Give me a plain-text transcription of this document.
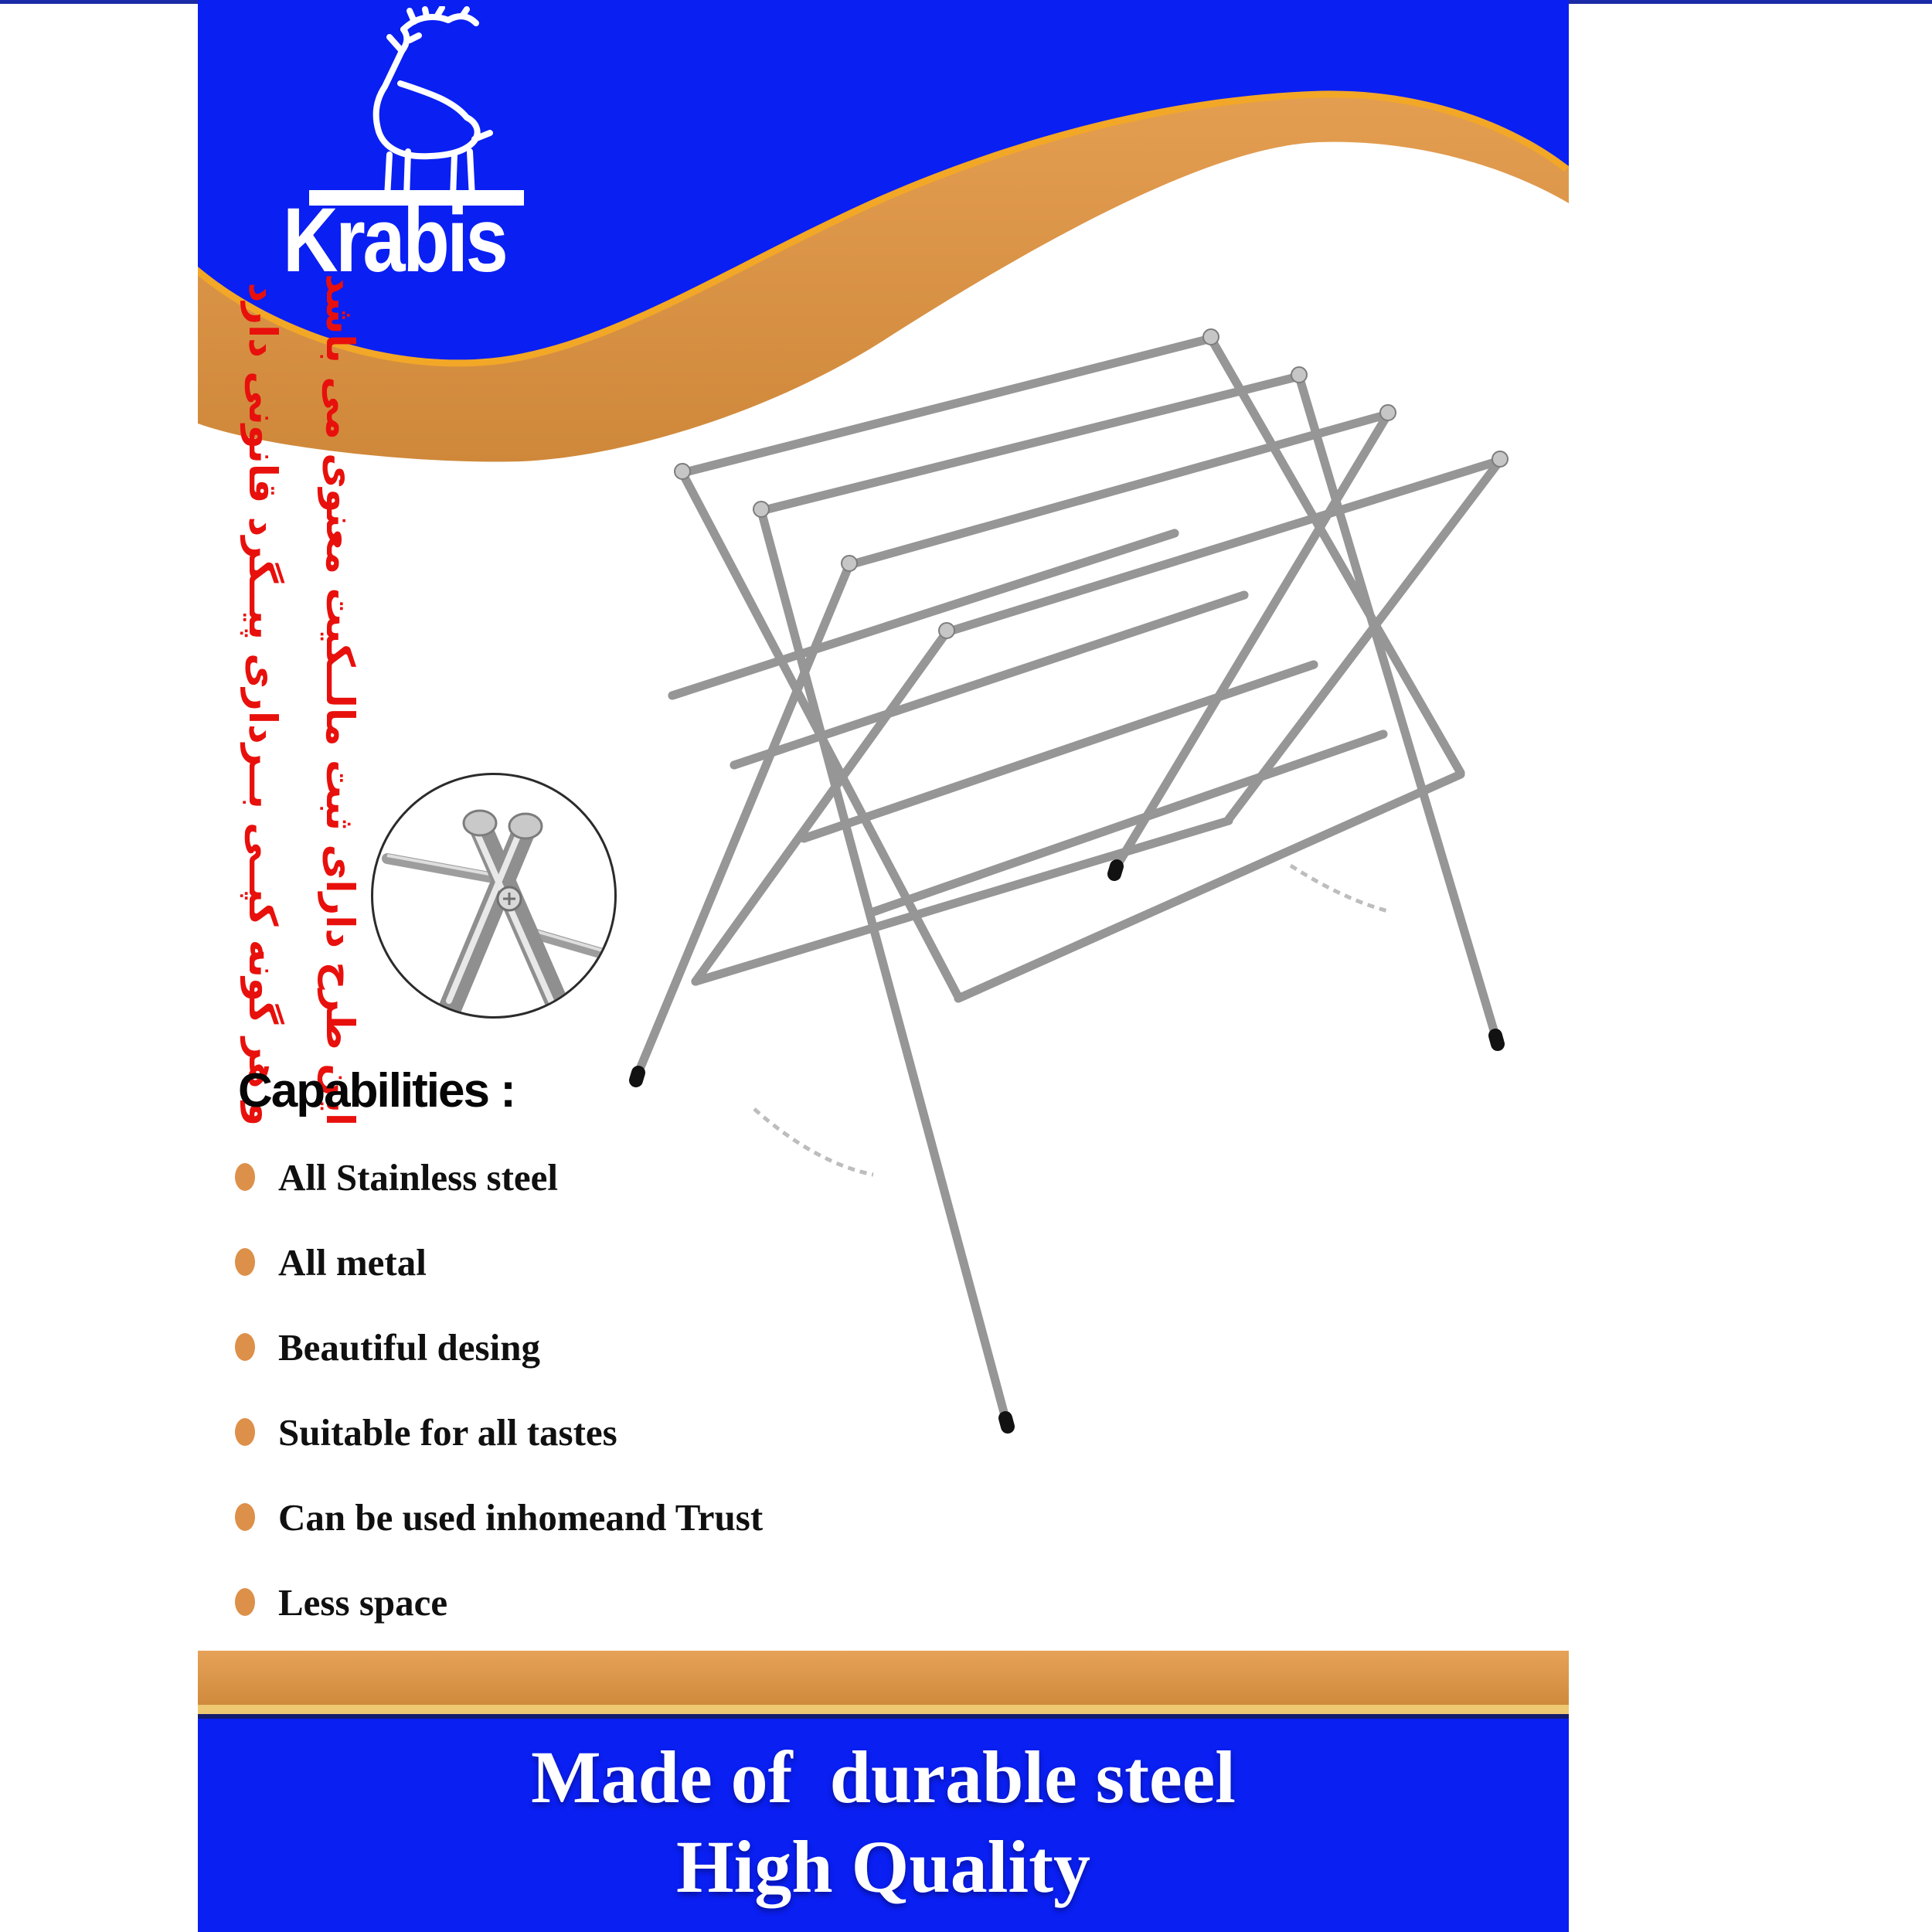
Krabis
این طرح دارای ثبت مالــکیت معنوی می باشد
و هر گونه کپــی بــرداری پیــگرد قانونی دارد
Capabilities :
All Stainless steel
All metal
Beautiful desing
Suitable for all tastes
Can be used inhomeand Trust
Less space
Made of  durable steel
High Quality
